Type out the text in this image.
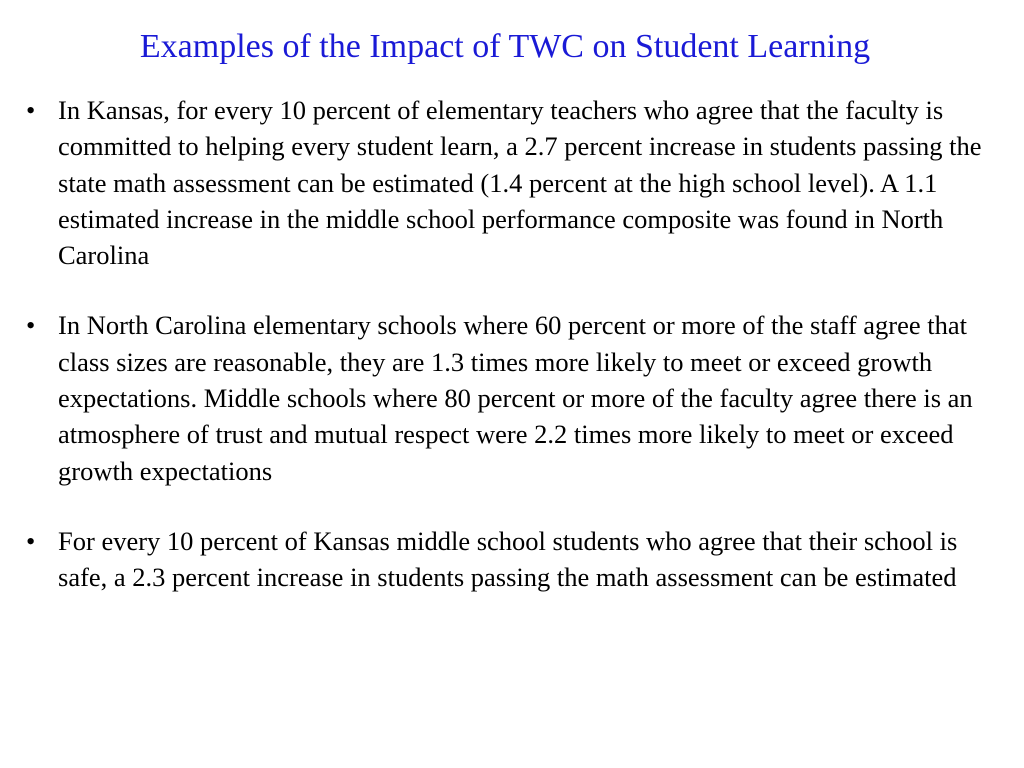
Examples of the Impact of TWC on Student Learning
• In Kansas, for every 10 percent of elementary teachers who agree that the faculty is committed to helping every student learn, a 2.7 percent increase in students passing the state math assessment can be estimated (1.4 percent at the high school level). A 1.1 estimated increase in the middle school performance composite was found in North Carolina
• In North Carolina elementary schools where 60 percent or more of the staff agree that class sizes are reasonable, they are 1.3 times more likely to meet or exceed growth expectations. Middle schools where 80 percent or more of the faculty agree there is an atmosphere of trust and mutual respect were 2.2 times more likely to meet or exceed growth expectations
• For every 10 percent of Kansas middle school students who agree that their school is safe, a 2.3 percent increase in students passing the math assessment can be estimated
